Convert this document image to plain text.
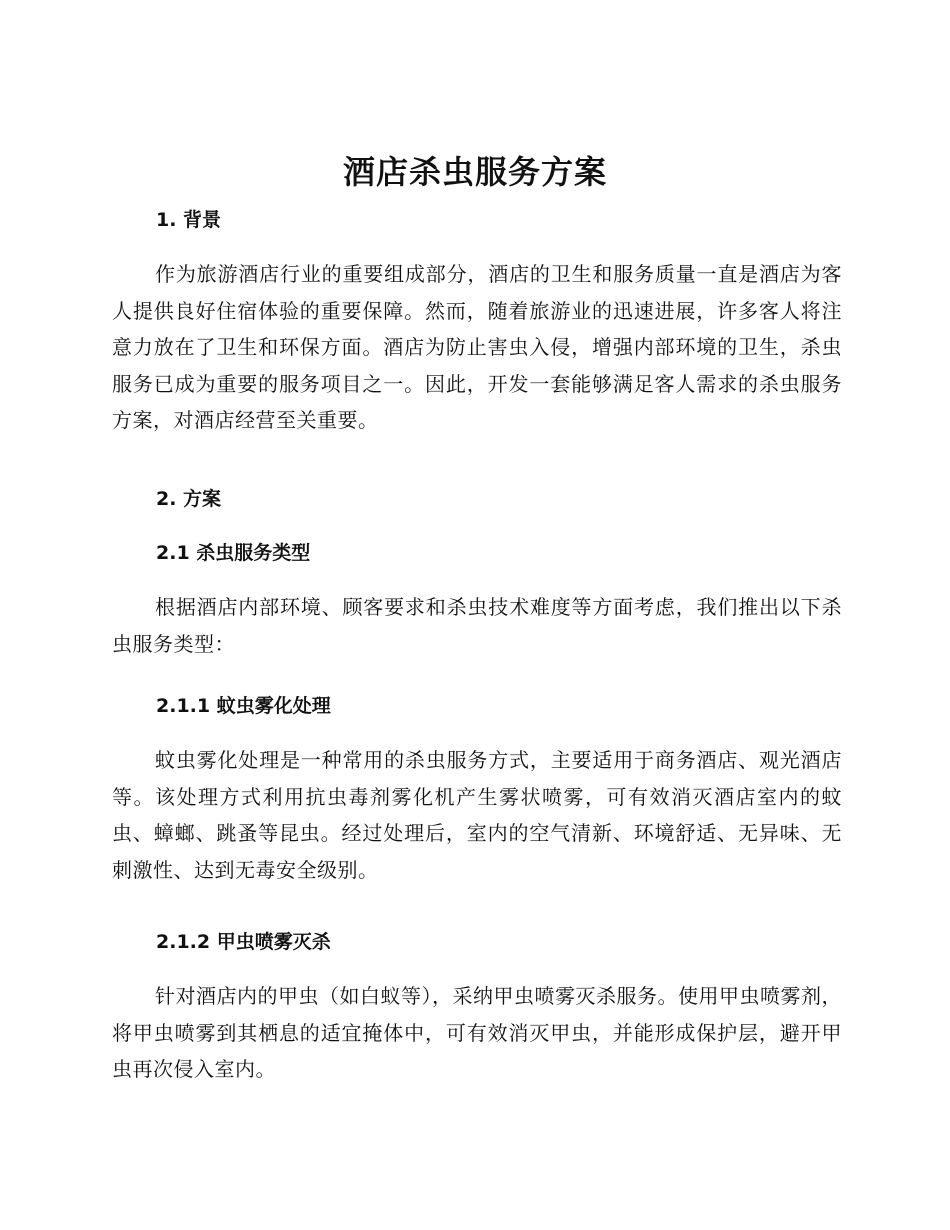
酒店杀虫服务方案
1. 背景

作为旅游酒店行业的重要组成部分，酒店的卫生和服务质量一直是酒店为客人提供良好住宿体验的重要保障。然而，随着旅游业的迅速进展，许多客人将注意力放在了卫生和环保方面。酒店为防止害虫入侵，增强内部环境的卫生，杀虫服务已成为重要的服务项目之一。因此，开发一套能够满足客人需求的杀虫服务方案，对酒店经营至关重要。

2. 方案
2.1 杀虫服务类型

根据酒店内部环境、顾客要求和杀虫技术难度等方面考虑，我们推出以下杀虫服务类型：

2.1.1 蚊虫雾化处理

蚊虫雾化处理是一种常用的杀虫服务方式，主要适用于商务酒店、观光酒店等。该处理方式利用抗虫毒剂雾化机产生雾状喷雾，可有效消灭酒店室内的蚊虫、蟑螂、跳蚤等昆虫。经过处理后，室内的空气清新、环境舒适、无异味、无刺激性、达到无毒安全级别。

2.1.2 甲虫喷雾灭杀

针对酒店内的甲虫（如白蚁等），采纳甲虫喷雾灭杀服务。使用甲虫喷雾剂，将甲虫喷雾到其栖息的适宜掩体中，可有效消灭甲虫，并能形成保护层，避开甲虫再次侵入室内。
